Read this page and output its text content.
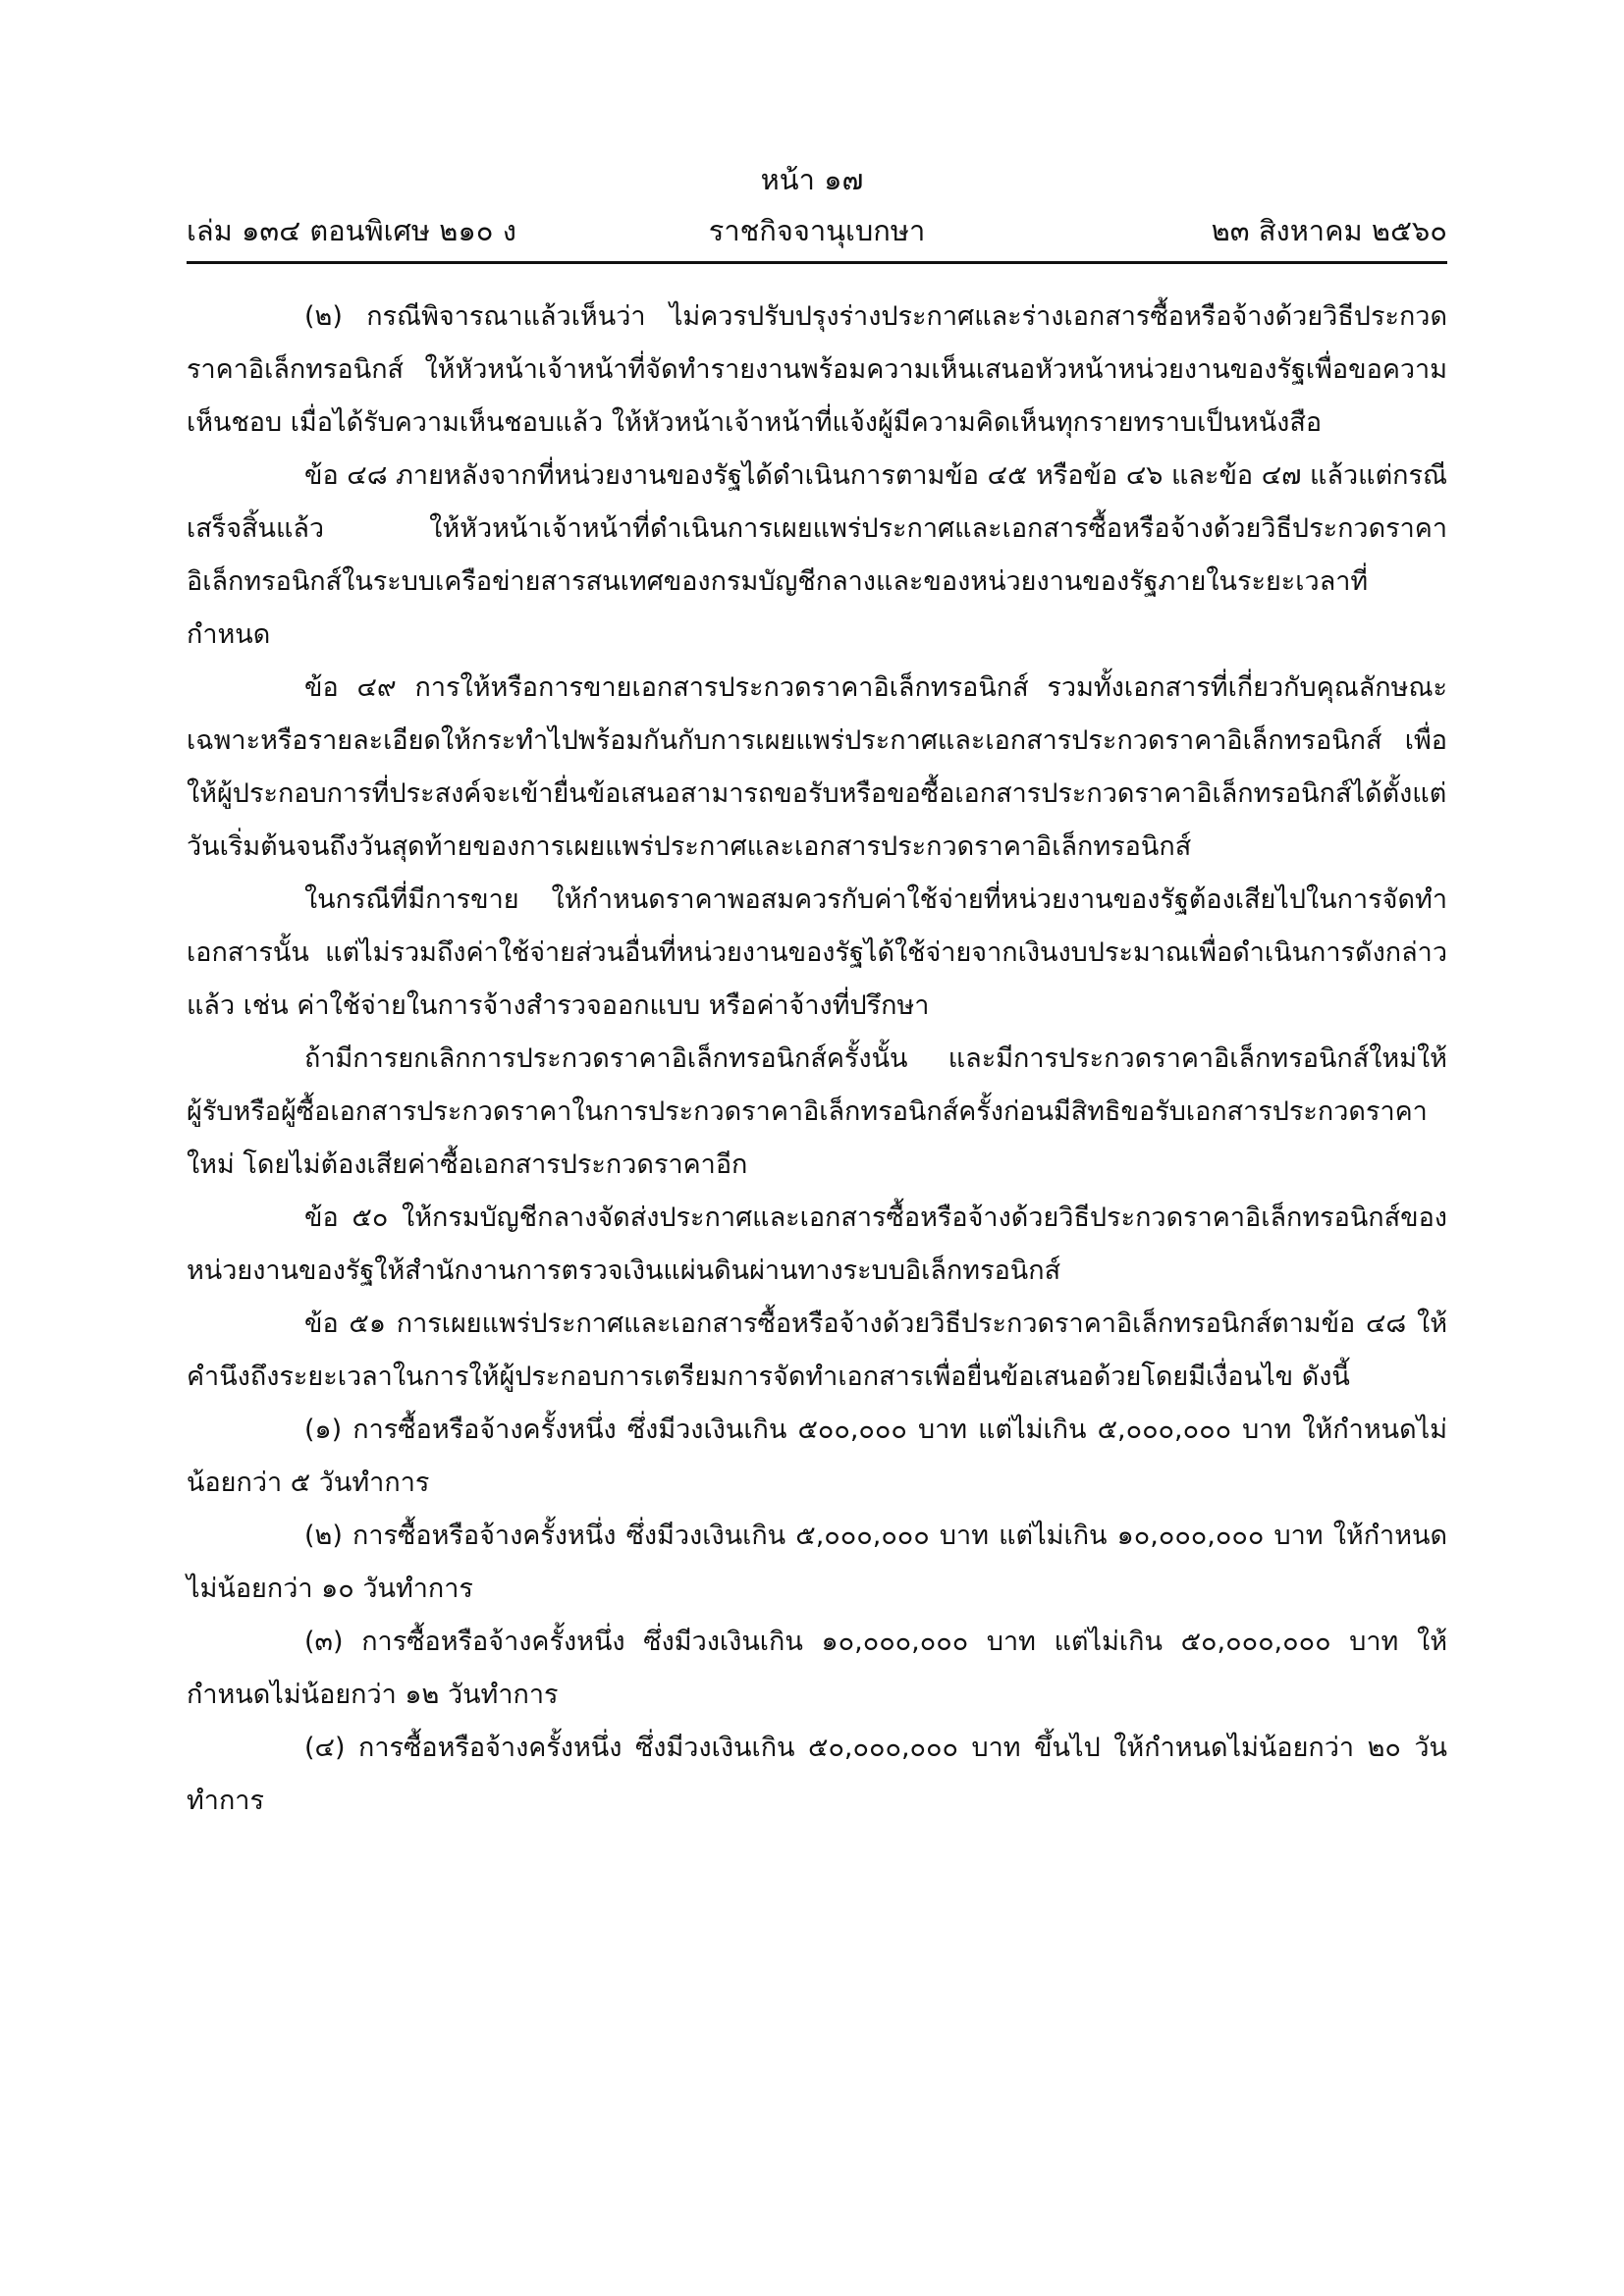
หน้า ๑๗
ราชกิจจานุเบกษา
เล่ม ๑๓๔ ตอนพิเศษ ๒๑๐ ง	๒๓ สิงหาคม ๒๕๖๐

(๒) กรณีพิจารณาแล้วเห็นว่า ไม่ควรปรับปรุงร่างประกาศและร่างเอกสารซื้อหรือจ้างด้วยวิธีประกวดราคาอิเล็กทรอนิกส์ ให้หัวหน้าเจ้าหน้าที่จัดทำรายงานพร้อมความเห็นเสนอหัวหน้าหน่วยงานของรัฐเพื่อขอความเห็นชอบ เมื่อได้รับความเห็นชอบแล้ว ให้หัวหน้าเจ้าหน้าที่แจ้งผู้มีความคิดเห็นทุกรายทราบเป็นหนังสือ

ข้อ ๔๘ ภายหลังจากที่หน่วยงานของรัฐได้ดำเนินการตามข้อ ๔๕ หรือข้อ ๔๖ และข้อ ๔๗ แล้วแต่กรณี เสร็จสิ้นแล้ว ให้หัวหน้าเจ้าหน้าที่ดำเนินการเผยแพร่ประกาศและเอกสารซื้อหรือจ้างด้วยวิธีประกวดราคาอิเล็กทรอนิกส์ในระบบเครือข่ายสารสนเทศของกรมบัญชีกลางและของหน่วยงานของรัฐภายในระยะเวลาที่กำหนด

ข้อ ๔๙ การให้หรือการขายเอกสารประกวดราคาอิเล็กทรอนิกส์ รวมทั้งเอกสารที่เกี่ยวกับคุณลักษณะเฉพาะหรือรายละเอียดให้กระทำไปพร้อมกันกับการเผยแพร่ประกาศและเอกสารประกวดราคาอิเล็กทรอนิกส์ เพื่อให้ผู้ประกอบการที่ประสงค์จะเข้ายื่นข้อเสนอสามารถขอรับหรือขอซื้อเอกสารประกวดราคาอิเล็กทรอนิกส์ได้ตั้งแต่วันเริ่มต้นจนถึงวันสุดท้ายของการเผยแพร่ประกาศและเอกสารประกวดราคาอิเล็กทรอนิกส์

ในกรณีที่มีการขาย ให้กำหนดราคาพอสมควรกับค่าใช้จ่ายที่หน่วยงานของรัฐต้องเสียไปในการจัดทำเอกสารนั้น แต่ไม่รวมถึงค่าใช้จ่ายส่วนอื่นที่หน่วยงานของรัฐได้ใช้จ่ายจากเงินงบประมาณเพื่อดำเนินการดังกล่าวแล้ว เช่น ค่าใช้จ่ายในการจ้างสำรวจออกแบบ หรือค่าจ้างที่ปรึกษา

ถ้ามีการยกเลิกการประกวดราคาอิเล็กทรอนิกส์ครั้งนั้น และมีการประกวดราคาอิเล็กทรอนิกส์ใหม่ให้ผู้รับหรือผู้ซื้อเอกสารประกวดราคาในการประกวดราคาอิเล็กทรอนิกส์ครั้งก่อนมีสิทธิขอรับเอกสารประกวดราคาใหม่ โดยไม่ต้องเสียค่าซื้อเอกสารประกวดราคาอีก

ข้อ ๕๐ ให้กรมบัญชีกลางจัดส่งประกาศและเอกสารซื้อหรือจ้างด้วยวิธีประกวดราคาอิเล็กทรอนิกส์ของหน่วยงานของรัฐให้สำนักงานการตรวจเงินแผ่นดินผ่านทางระบบอิเล็กทรอนิกส์

ข้อ ๕๑ การเผยแพร่ประกาศและเอกสารซื้อหรือจ้างด้วยวิธีประกวดราคาอิเล็กทรอนิกส์ตามข้อ ๔๘ ให้คำนึงถึงระยะเวลาในการให้ผู้ประกอบการเตรียมการจัดทำเอกสารเพื่อยื่นข้อเสนอด้วยโดยมีเงื่อนไข ดังนี้

(๑) การซื้อหรือจ้างครั้งหนึ่ง ซึ่งมีวงเงินเกิน ๕๐๐,๐๐๐ บาท แต่ไม่เกิน ๕,๐๐๐,๐๐๐ บาท ให้กำหนดไม่น้อยกว่า ๕ วันทำการ

(๒) การซื้อหรือจ้างครั้งหนึ่ง ซึ่งมีวงเงินเกิน ๕,๐๐๐,๐๐๐ บาท แต่ไม่เกิน ๑๐,๐๐๐,๐๐๐ บาท ให้กำหนดไม่น้อยกว่า ๑๐ วันทำการ

(๓) การซื้อหรือจ้างครั้งหนึ่ง ซึ่งมีวงเงินเกิน ๑๐,๐๐๐,๐๐๐ บาท แต่ไม่เกิน ๕๐,๐๐๐,๐๐๐ บาท ให้กำหนดไม่น้อยกว่า ๑๒ วันทำการ

(๔) การซื้อหรือจ้างครั้งหนึ่ง ซึ่งมีวงเงินเกิน ๕๐,๐๐๐,๐๐๐ บาท ขึ้นไป ให้กำหนดไม่น้อยกว่า ๒๐ วันทำการ
